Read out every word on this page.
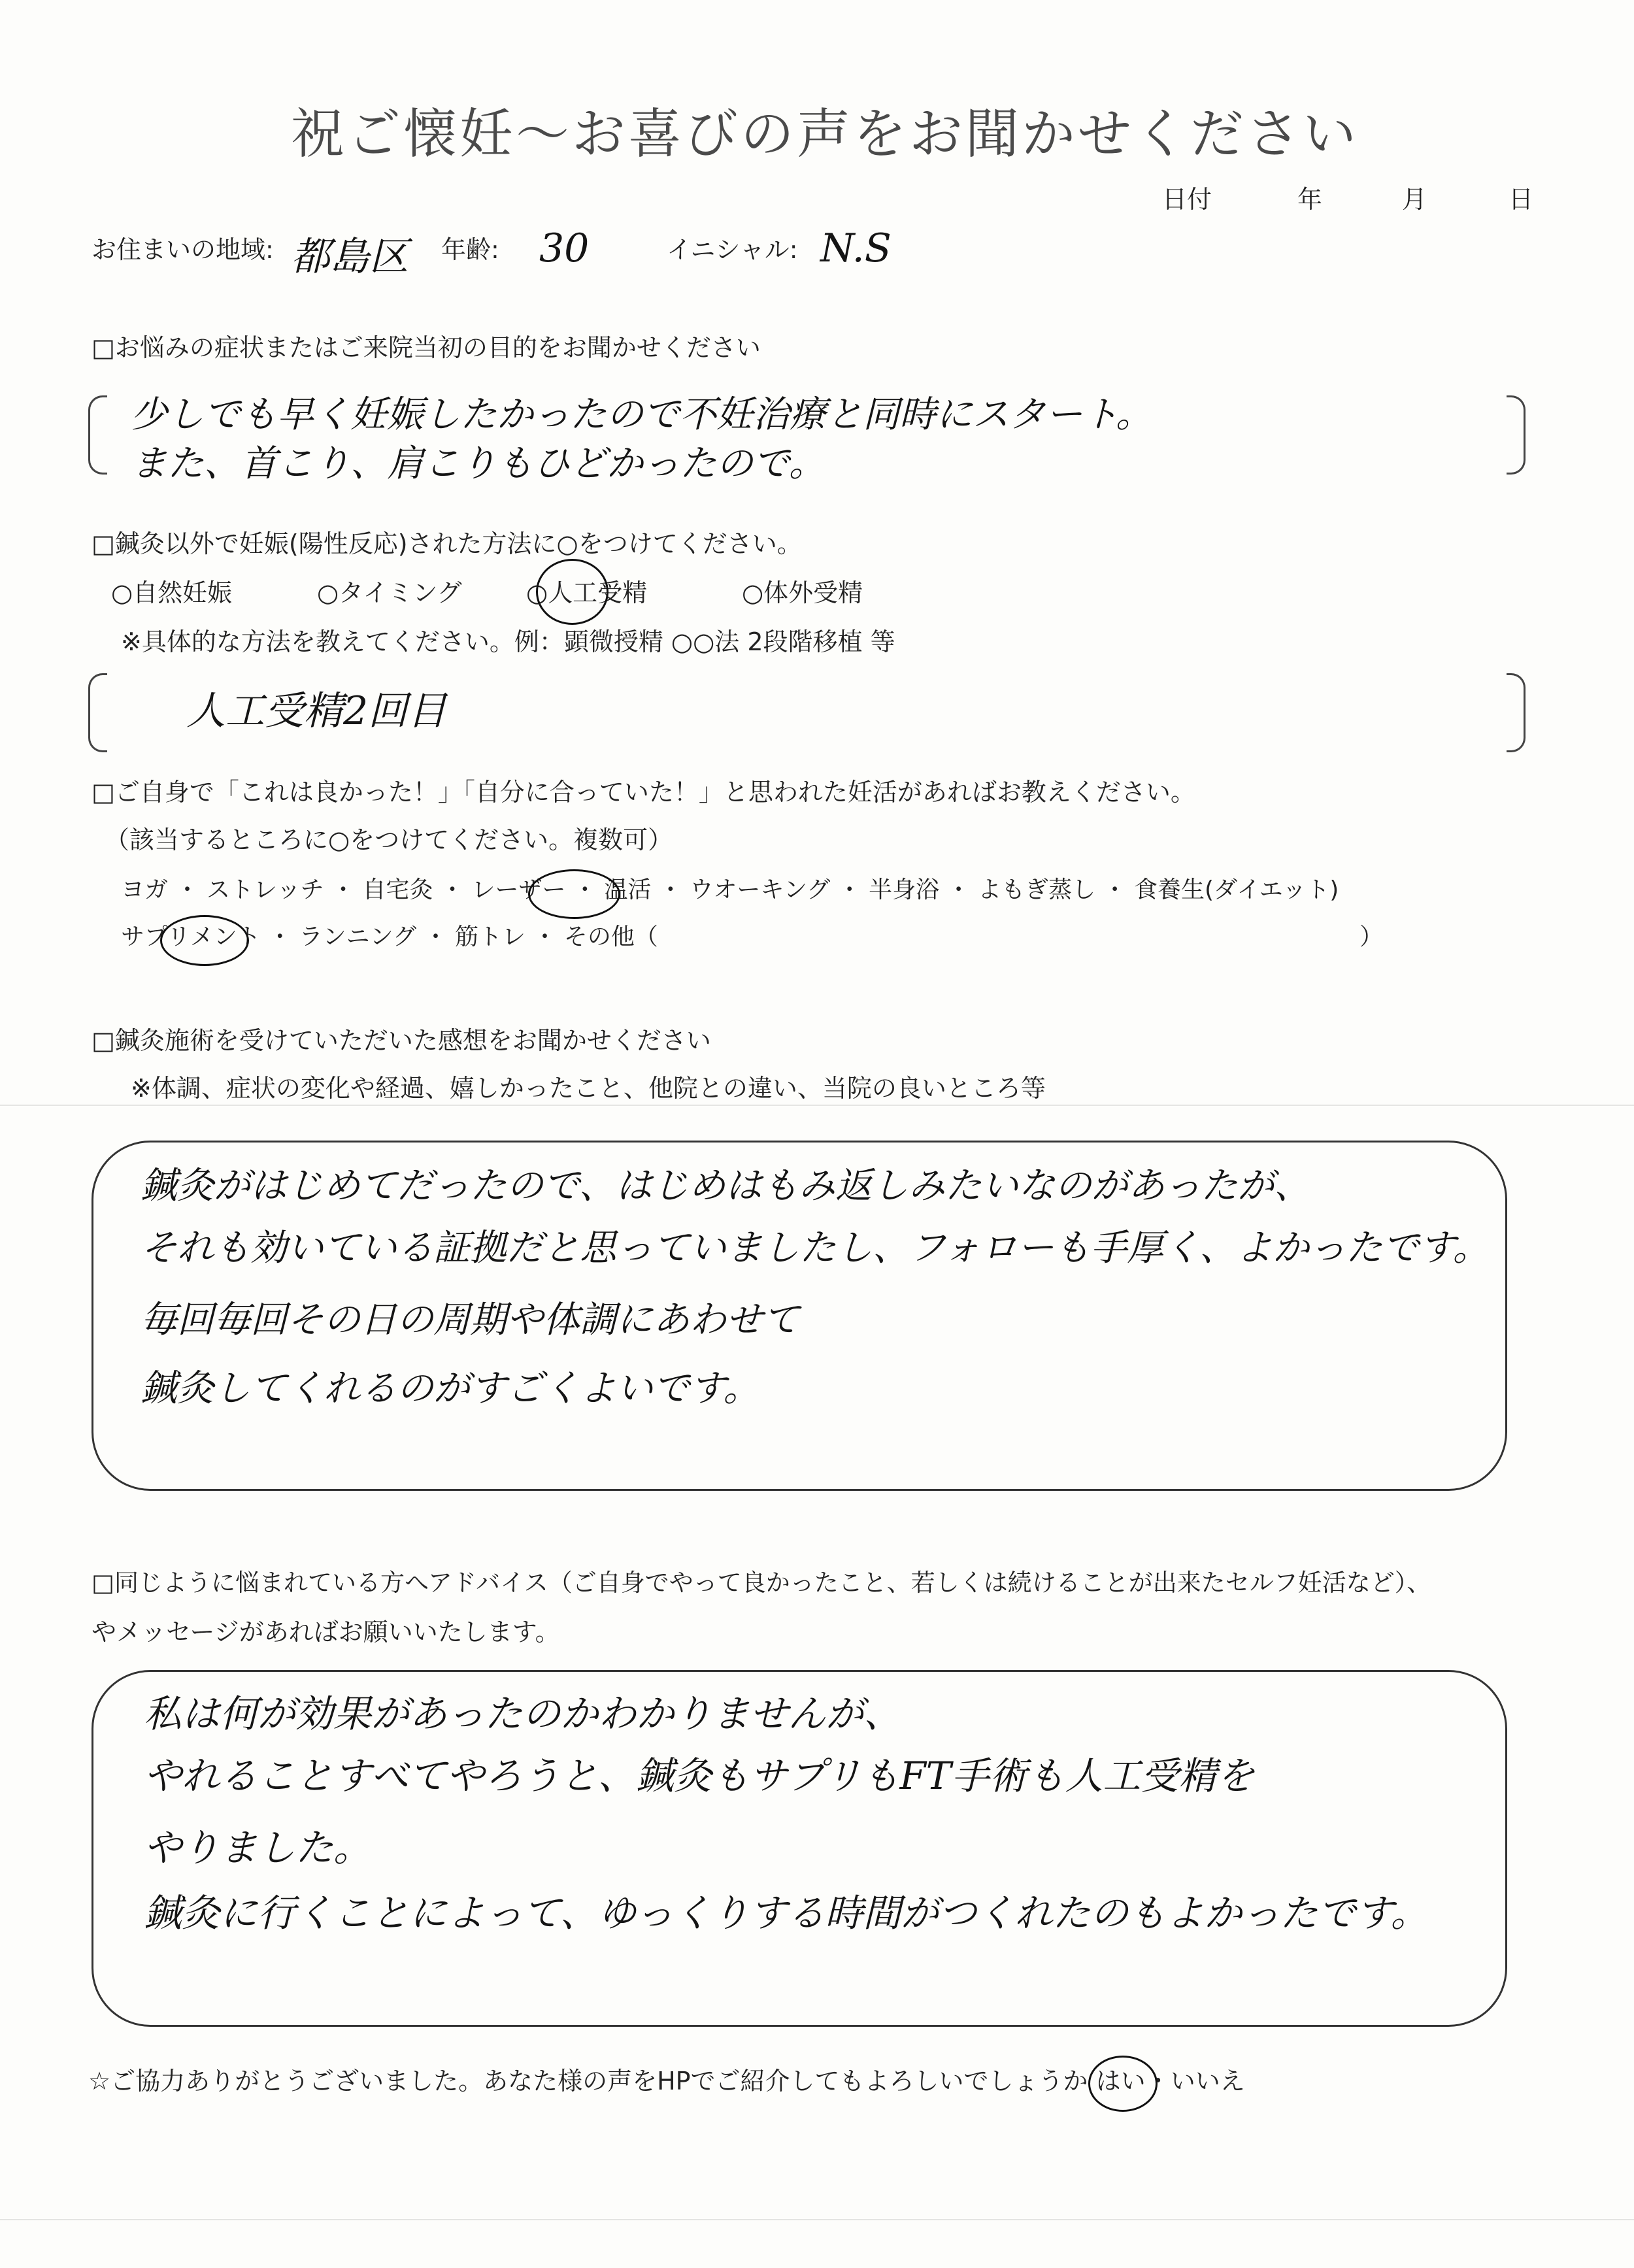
祝ご懐妊〜お喜びの声をお聞かせください
日付	年	月	日
お住まいの地域: 都島区 年齢: 30	イニシャル: N.S
□お悩みの症状またはご来院当初の目的をお聞かせください
少しでも早く妊娠したかったので不妊治療と同時にスタート。
また、首こり、肩こりもひどかったので。
□鍼灸以外で妊娠(陽性反応)された方法に○をつけてください。
○自然妊娠	○タイミング	○人工受精	○体外受精
※具体的な方法を教えてください。例：顕微授精 ○○法 2段階移植 等
人工受精2回目
□ご自身で「これは良かった！」「自分に合っていた！」と思われた妊活があればお教えください。
（該当するところに○をつけてください。複数可）
ヨガ ・ ストレッチ ・ 自宅灸 ・ レーザー ・ 温活 ・ ウオーキング ・ 半身浴 ・ よもぎ蒸し ・ 食養生(ダイエット)
サプリメント ・ ランニング ・ 筋トレ ・ その他（	）
□鍼灸施術を受けていただいた感想をお聞かせください
※体調、症状の変化や経過、嬉しかったこと、他院との違い、当院の良いところ等
鍼灸がはじめてだったので、はじめはもみ返しみたいなのがあったが、
それも効いている証拠だと思っていましたし、フォローも手厚く、よかったです。
毎回毎回その日の周期や体調にあわせて
鍼灸してくれるのがすごくよいです。
□同じように悩まれている方へアドバイス（ご自身でやって良かったこと、若しくは続けることが出来たセルフ妊活など）、
やメッセージがあればお願いいたします。
私は何が効果があったのかわかりませんが、
やれることすべてやろうと、鍼灸もサプリもFT手術も人工受精を
やりました。
鍼灸に行くことによって、ゆっくりする時間がつくれたのもよかったです。
☆ご協力ありがとうございました。あなた様の声をHPでご紹介してもよろしいでしょうか はい・いいえ
